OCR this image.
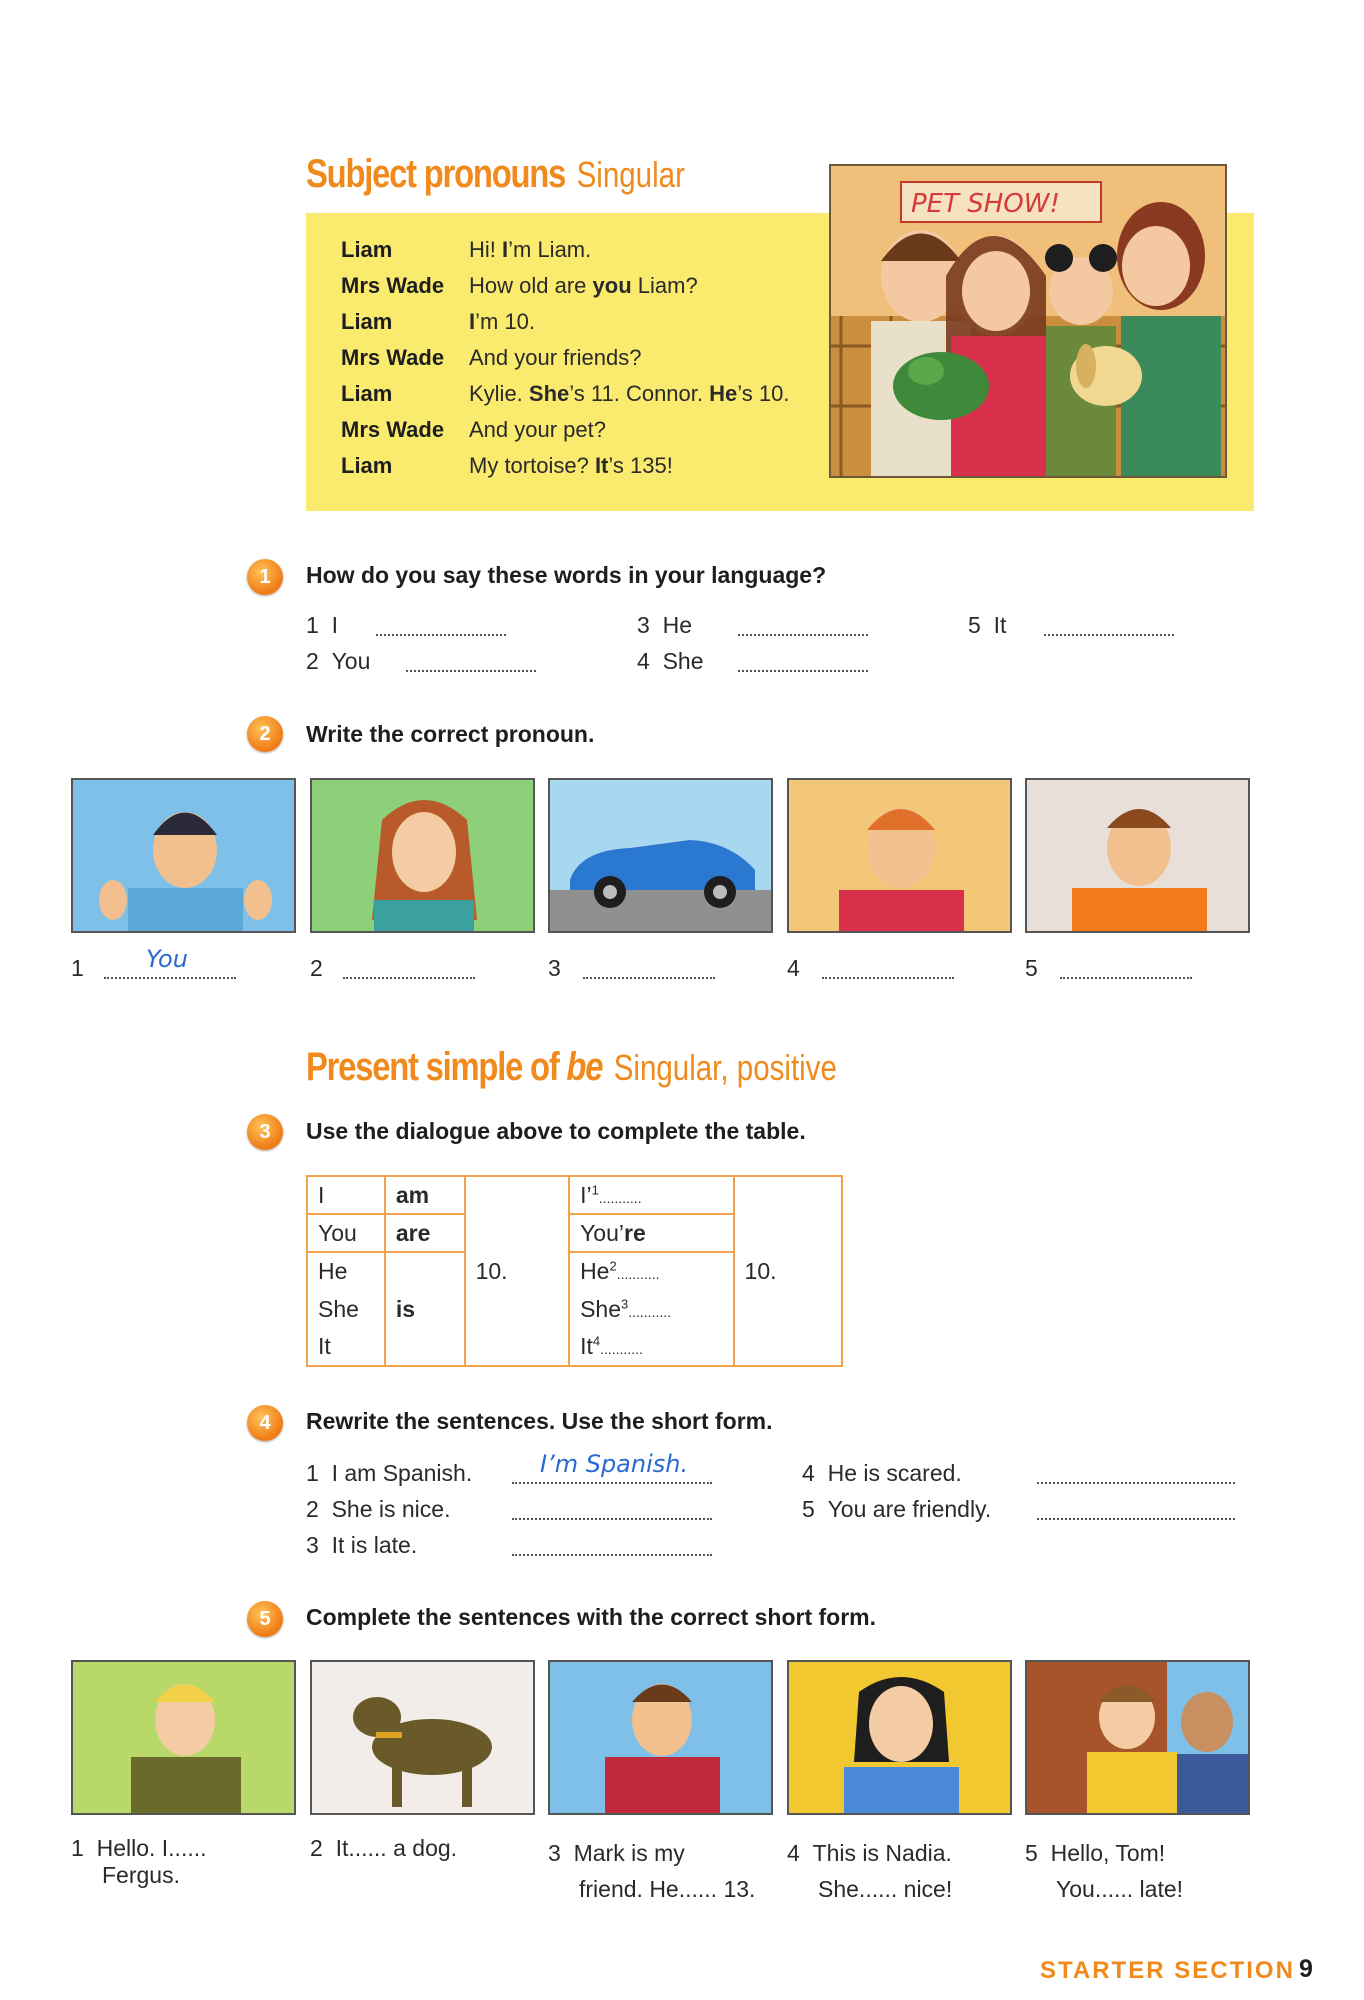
Subject pronouns Singular
Liam	Hi! I’m Liam.
Mrs Wade	How old are you Liam?
Liam	I’m 10.
Mrs Wade	And your friends?
Liam	Kylie. She’s 11. Connor. He’s 10.
Mrs Wade	And your pet?
Liam	My tortoise? It’s 135!
PET SHOW!
1	How do you say these words in your language?
1 I
2 You
3 He
4 She
5 It
2	Write the correct pronoun.
1	You	2	3	4	5
Present simple of be Singular, positive
3	Use the dialogue above to complete the table.
I	am	10.	I’$^1$...........	10.
You	are		You’re	
He	is		He$^2$...........	
She			She$^3$...........	
It			It$^4$...........	
4	Rewrite the sentences. Use the short form.
1 I am Spanish.	I’m Spanish.
2 She is nice.
3 It is late.
4 He is scared.
5 You are friendly.
5	Complete the sentences with the correct short form.
1 Hello. I......
Fergus.
2 It...... a dog.	3 Mark is my
friend. He...... 13.
4 This is Nadia.
She...... nice!
5 Hello, Tom!
You...... late!
STARTER SECTION 9
